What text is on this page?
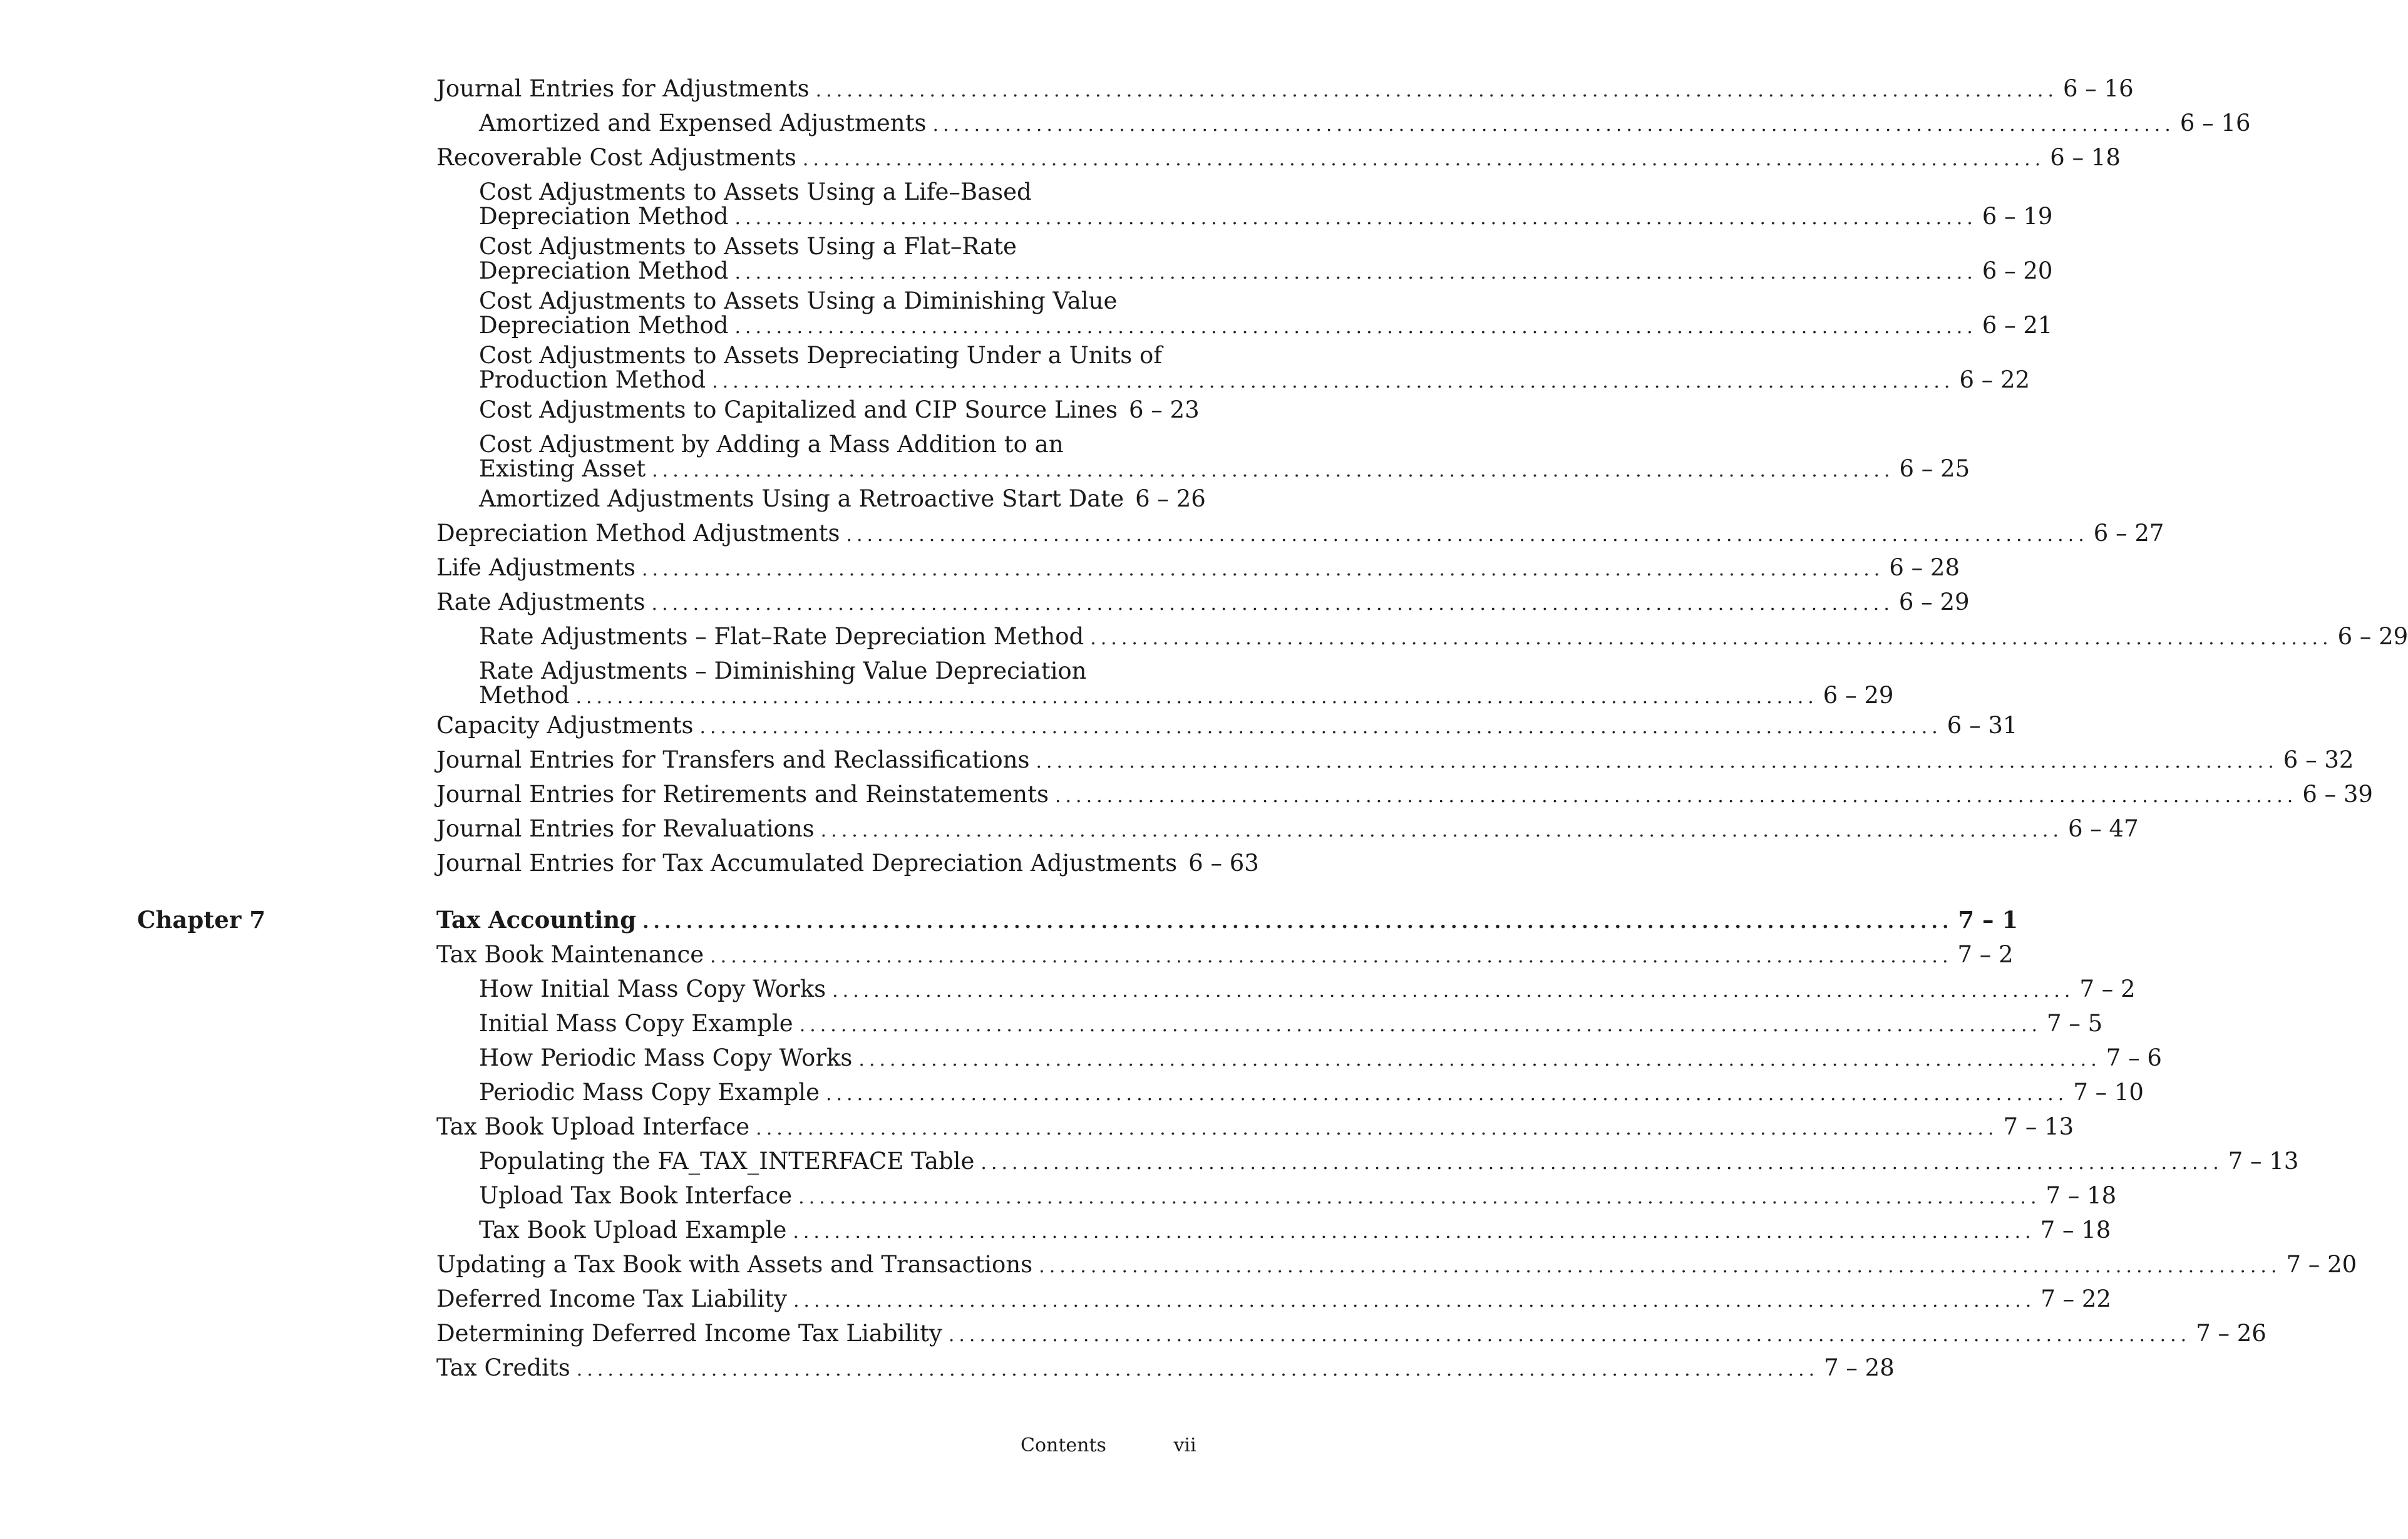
Journal Entries for Adjustments ........................................................................................................................ 6 – 16
Amortized and Expensed Adjustments ........................................................................................................................ 6 – 16
Recoverable Cost Adjustments ........................................................................................................................ 6 – 18
Cost Adjustments to Assets Using a Life–Based
Depreciation Method ........................................................................................................................ 6 – 19
Cost Adjustments to Assets Using a Flat–Rate
Depreciation Method ........................................................................................................................ 6 – 20
Cost Adjustments to Assets Using a Diminishing Value
Depreciation Method ........................................................................................................................ 6 – 21
Cost Adjustments to Assets Depreciating Under a Units of
Production Method ........................................................................................................................ 6 – 22
Cost Adjustments to Capitalized and CIP Source Lines 6 – 23
Cost Adjustment by Adding a Mass Addition to an
Existing Asset ........................................................................................................................ 6 – 25
Amortized Adjustments Using a Retroactive Start Date 6 – 26
Depreciation Method Adjustments ........................................................................................................................ 6 – 27
Life Adjustments ........................................................................................................................ 6 – 28
Rate Adjustments ........................................................................................................................ 6 – 29
Rate Adjustments – Flat–Rate Depreciation Method ........................................................................................................................ 6 – 29
Rate Adjustments – Diminishing Value Depreciation
Method ........................................................................................................................ 6 – 29
Capacity Adjustments ........................................................................................................................ 6 – 31
Journal Entries for Transfers and Reclassifications ........................................................................................................................ 6 – 32
Journal Entries for Retirements and Reinstatements ........................................................................................................................ 6 – 39
Journal Entries for Revaluations ........................................................................................................................ 6 – 47
Journal Entries for Tax Accumulated Depreciation Adjustments 6 – 63
Chapter 7	Tax Accounting ........................................................................................................................ 7 – 1
Tax Book Maintenance ........................................................................................................................ 7 – 2
How Initial Mass Copy Works ........................................................................................................................ 7 – 2
Initial Mass Copy Example ........................................................................................................................ 7 – 5
How Periodic Mass Copy Works ........................................................................................................................ 7 – 6
Periodic Mass Copy Example ........................................................................................................................ 7 – 10
Tax Book Upload Interface ........................................................................................................................ 7 – 13
Populating the FA_TAX_INTERFACE Table ........................................................................................................................ 7 – 13
Upload Tax Book Interface ........................................................................................................................ 7 – 18
Tax Book Upload Example ........................................................................................................................ 7 – 18
Updating a Tax Book with Assets and Transactions ........................................................................................................................ 7 – 20
Deferred Income Tax Liability ........................................................................................................................ 7 – 22
Determining Deferred Income Tax Liability ........................................................................................................................ 7 – 26
Tax Credits ........................................................................................................................ 7 – 28
Contents	vii
